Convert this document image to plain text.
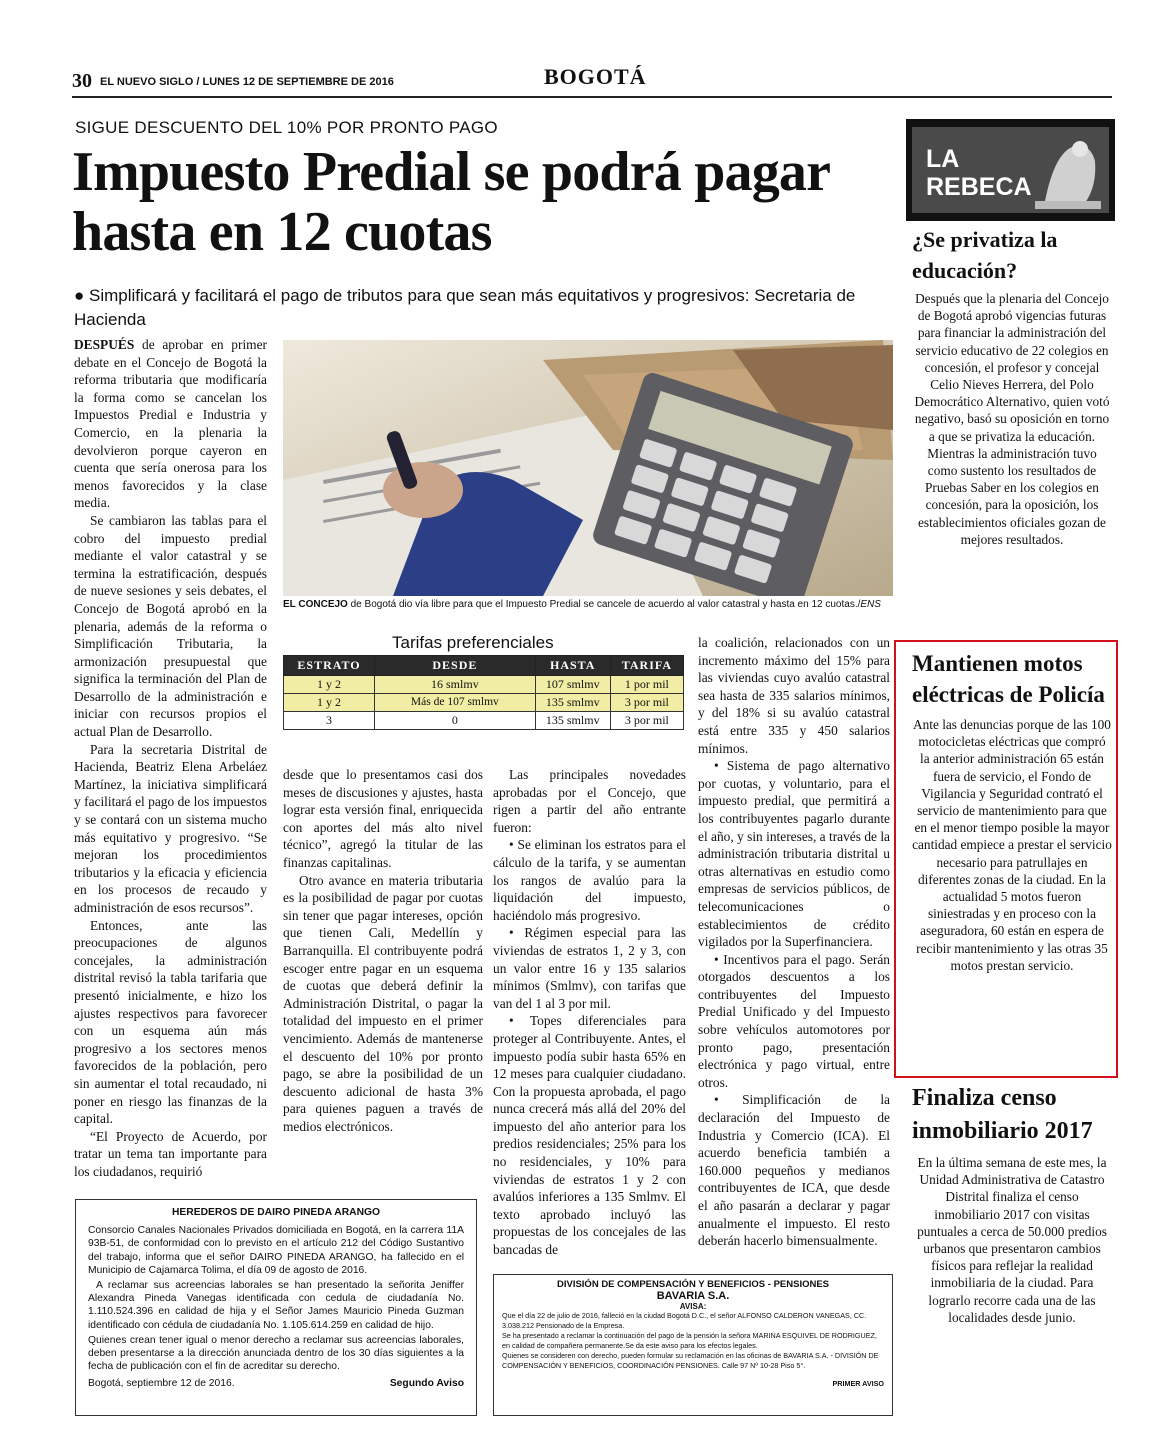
30 EL NUEVO SIGLO / LUNES 12 DE SEPTIEMBRE DE 2016	BOGOTÁ
SIGUE DESCUENTO DEL 10% POR PRONTO PAGO
Impuesto Predial se podrá pagar hasta en 12 cuotas
● Simplificará y facilitará el pago de tributos para que sean más equitativos y progresivos: Secretaria de Hacienda

DESPUÉS de aprobar en primer debate en el Concejo de Bogotá la reforma tributaria que modificaría la forma como se cancelan los Impuestos Predial e Industria y Comercio, en la plenaria la devolvieron porque cayeron en cuenta que sería onerosa para los menos favorecidos y la clase media.

Se cambiaron las tablas para el cobro del impuesto predial mediante el valor catastral y se termina la estratificación, después de nueve sesiones y seis debates, el Concejo de Bogotá aprobó en la plenaria, además de la reforma o Simplificación Tributaria, la armonización presupuestal que significa la terminación del Plan de Desarrollo de la administración e iniciar con recursos propios el actual Plan de Desarrollo.

Para la secretaria Distrital de Hacienda, Beatriz Elena Arbeláez Martínez, la iniciativa simplificará y facilitará el pago de los impuestos y se contará con un sistema mucho más equitativo y progresivo. “Se mejoran los procedimientos tributarios y la eficacia y eficiencia en los procesos de recaudo y administración de esos recursos”.

Entonces, ante las preocupaciones de algunos concejales, la administración distrital revisó la tabla tarifaria que presentó inicialmente, e hizo los ajustes respectivos para favorecer con un esquema aún más progresivo a los sectores menos favorecidos de la población, pero sin aumentar el total recaudado, ni poner en riesgo las finanzas de la capital.

“El Proyecto de Acuerdo, por tratar un tema tan importante para los ciudadanos, requirió

EL CONCEJO de Bogotá dio vía libre para que el Impuesto Predial se cancele de acuerdo al valor catastral y hasta en 12 cuotas./ENS
Tarifas preferenciales
ESTRATO	DESDE	HASTA	TARIFA
1 y 2	16 smlmv	107 smlmv	1 por mil
1 y 2	Más de 107 smlmv	135 smlmv	3 por mil
3	0	135 smlmv	3 por mil

desde que lo presentamos casi dos meses de discusiones y ajustes, hasta lograr esta versión final, enriquecida con aportes del más alto nivel técnico”, agregó la titular de las finanzas capitalinas.

Otro avance en materia tributaria es la posibilidad de pagar por cuotas sin tener que pagar intereses, opción que tienen Cali, Medellín y Barranquilla. El contribuyente podrá escoger entre pagar en un esquema de cuotas que deberá definir la Administración Distrital, o pagar la totalidad del impuesto en el primer vencimiento. Además de mantenerse el descuento del 10% por pronto pago, se abre la posibilidad de un descuento adicional de hasta 3% para quienes paguen a través de medios electrónicos.

Las principales novedades aprobadas por el Concejo, que rigen a partir del año entrante fueron:

• Se eliminan los estratos para el cálculo de la tarifa, y se aumentan los rangos de avalúo para la liquidación del impuesto, haciéndolo más progresivo.

• Régimen especial para las viviendas de estratos 1, 2 y 3, con un valor entre 16 y 135 salarios mínimos (Smlmv), con tarifas que van del 1 al 3 por mil.

• Topes diferenciales para proteger al Contribuyente. Antes, el impuesto podía subir hasta 65% en 12 meses para cualquier ciudadano. Con la propuesta aprobada, el pago nunca crecerá más allá del 20% del impuesto del año anterior para los predios residenciales; 25% para los no residenciales, y 10% para viviendas de estratos 1 y 2 con avalúos inferiores a 135 Smlmv. El texto aprobado incluyó las propuestas de los concejales de las bancadas de

la coalición, relacionados con un incremento máximo del 15% para las viviendas cuyo avalúo catastral sea hasta de 335 salarios mínimos, y del 18% si su avalúo catastral está entre 335 y 450 salarios mínimos.

• Sistema de pago alternativo por cuotas, y voluntario, para el impuesto predial, que permitirá a los contribuyentes pagarlo durante el año, y sin intereses, a través de la administración tributaria distrital u otras alternativas en estudio como empresas de servicios públicos, de telecomunicaciones o establecimientos de crédito vigilados por la Superfinanciera.

• Incentivos para el pago. Serán otorgados descuentos a los contribuyentes del Impuesto Predial Unificado y del Impuesto sobre vehículos automotores por pronto pago, presentación electrónica y pago virtual, entre otros.

• Simplificación de la declaración del Impuesto de Industria y Comercio (ICA). El acuerdo beneficia también a 160.000 pequeños y medianos contribuyentes de ICA, que desde el año pasarán a declarar y pagar anualmente el impuesto. El resto deberán hacerlo bimensualmente.

HEREDEROS DE DAIRO PINEDA ARANGO
Consorcio Canales Nacionales Privados domiciliada en Bogotá, en la carrera 11A 93B-51, de conformidad con lo previsto en el artículo 212 del Código Sustantivo del trabajo, informa que el señor DAIRO PINEDA ARANGO, ha fallecido en el Municipio de Cajamarca Tolima, el día 09 de agosto de 2016.
A reclamar sus acreencias laborales se han presentado la señorita Jeniffer Alexandra Pineda Vanegas identificada con cedula de ciudadanía No. 1.110.524.396 en calidad de hija y el Señor James Mauricio Pineda Guzman identificado con cédula de ciudadanía No. 1.105.614.259 en calidad de hijo.
Quienes crean tener igual o menor derecho a reclamar sus acreencias laborales, deben presentarse a la dirección anunciada dentro de los 30 días siguientes a la fecha de publicación con el fin de acreditar su derecho.
Bogotá, septiembre 12 de 2016.	Segundo Aviso
DIVISIÓN DE COMPENSACIÓN Y BENEFICIOS - PENSIONES
BAVARIA S.A.
AVISA:
Que el día 22 de julio de 2016, falleció en la ciudad Bogotá D.C., el señor ALFONSO CALDERON VANEGAS, CC. 3.038.212 Pensionado de la Empresa.
Se ha presentado a reclamar la continuación del pago de la pensión la señora MARINA ESQUIVEL DE RODRIGUEZ, en calidad de compañera permanente.Se da este aviso para los efectos legales.
Quienes se consideren con derecho, pueden formular su reclamación en las oficinas de BAVARIA S.A. - DIVISIÓN DE COMPENSACIÓN Y BENEFICIOS, COORDINACIÓN PENSIONES. Calle 97 Nº 10-28 Piso 5°.
PRIMER AVISO
LA REBECA
¿Se privatiza la educación?
Después que la plenaria del Concejo de Bogotá aprobó vigencias futuras para financiar la administración del servicio educativo de 22 colegios en concesión, el profesor y concejal Celio Nieves Herrera, del Polo Democrático Alternativo, quien votó negativo, basó su oposición en torno a que se privatiza la educación. Mientras la administración tuvo como sustento los resultados de Pruebas Saber en los colegios en concesión, para la oposición, los establecimientos oficiales gozan de mejores resultados.
Mantienen motos eléctricas de Policía
Ante las denuncias porque de las 100 motocicletas eléctricas que compró la anterior administración 65 están fuera de servicio, el Fondo de Vigilancia y Seguridad contrató el servicio de mantenimiento para que en el menor tiempo posible la mayor cantidad empiece a prestar el servicio necesario para patrullajes en diferentes zonas de la ciudad. En la actualidad 5 motos fueron siniestradas y en proceso con la aseguradora, 60 están en espera de recibir mantenimiento y las otras 35 motos prestan servicio.
Finaliza censo inmobiliario 2017
En la última semana de este mes, la Unidad Administrativa de Catastro Distrital finaliza el censo inmobiliario 2017 con visitas puntuales a cerca de 50.000 predios urbanos que presentaron cambios físicos para reflejar la realidad inmobiliaria de la ciudad. Para lograrlo recorre cada una de las localidades desde junio.
